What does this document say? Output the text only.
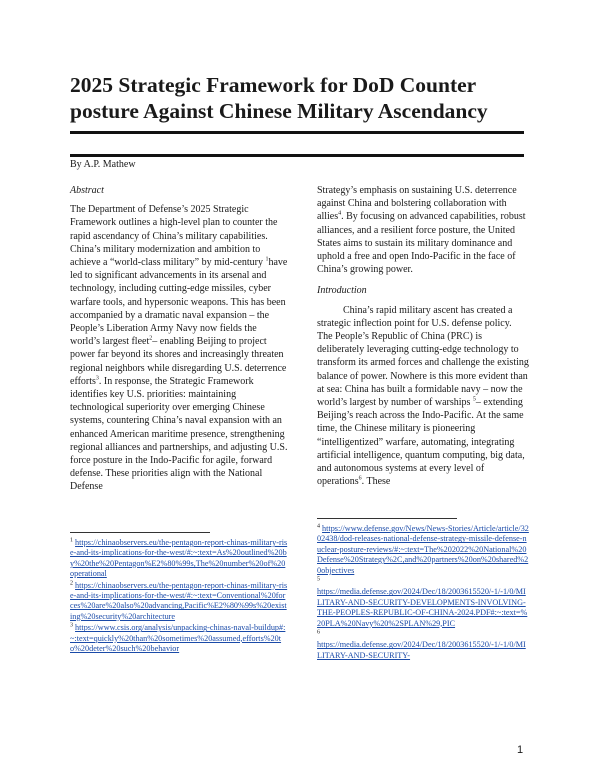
2025 Strategic Framework for DoD Counter
posture Against Chinese Military Ascendancy
By A.P. Mathew
Abstract
The Department of Defense’s 2025 Strategic Framework outlines a high-level plan to counter the rapid ascendancy of China’s military capabilities. China’s military modernization and ambition to achieve a “world-class military” by mid-century $^1$have led to significant advancements in its arsenal and technology, including cutting-edge missiles, cyber warfare tools, and hypersonic weapons. This has been accompanied by a dramatic naval expansion – the People’s Liberation Army Navy now fields the world’s largest fleet$^2$– enabling Beijing to project power far beyond its shores and increasingly threaten regional neighbors while disregarding U.S. deterrence efforts$^3$. In response, the Strategic Framework identifies key U.S. priorities: maintaining technological superiority over emerging Chinese systems, countering China’s naval expansion with an enhanced American maritime presence, strengthening regional alliances and partnerships, and adjusting U.S. force posture in the Indo-Pacific for agile, forward defense. These priorities align with the National Defense
Strategy’s emphasis on sustaining U.S. deterrence against China and bolstering collaboration with allies$^4$. By focusing on advanced capabilities, robust alliances, and a resilient force posture, the United States aims to sustain its military dominance and uphold a free and open Indo-Pacific in the face of China’s growing power.
Introduction
China’s rapid military ascent has created a strategic inflection point for U.S. defense policy. The People’s Republic of China (PRC) is deliberately leveraging cutting-edge technology to transform its armed forces and challenge the existing balance of power. Nowhere is this more evident than at sea: China has built a formidable navy – now the world’s largest by number of warships $^5$– extending Beijing’s reach across the Indo-Pacific. At the same time, the Chinese military is pioneering “intelligentized” warfare, automating, integrating artificial intelligence, quantum computing, big data, and autonomous systems at every level of operations$^6$. These
$^1$ https://chinaobservers.eu/the-pentagon-report-chinas-military-rise-and-its-implications-for-the-west/#:~:text=As%20outlined%20by%20the%20Pentagon%E2%80%99s,The%20number%20of%20operational
$^2$ https://chinaobservers.eu/the-pentagon-report-chinas-military-rise-and-its-implications-for-the-west/#:~:text=Conventional%20forces%20are%20also%20advancing,Pacific%E2%80%99s%20existing%20security%20architecture
$^3$ https://www.csis.org/analysis/unpacking-chinas-naval-buildup#:~:text=quickly%20than%20sometimes%20assumed,efforts%20to%20deter%20such%20behavior
$^4$ https://www.defense.gov/News/News-Stories/Article/article/3202438/dod-releases-national-defense-strategy-missile-defense-nuclear-posture-reviews/#:~:text=The%202022%20National%20Defense%20Strategy%2C,and%20partners%20on%20shared%20objectives
$^5$
https://media.defense.gov/2024/Dec/18/2003615520/-1/-1/0/MILITARY-AND-SECURITY-DEVELOPMENTS-INVOLVING-THE-PEOPLES-REPUBLIC-OF-CHINA-2024.PDF#:~:text=%20PLA%20Navy%20%2SPLAN%29,PIC
$^6$
https://media.defense.gov/2024/Dec/18/2003615520/-1/-1/0/MILITARY-AND-SECURITY-
1
